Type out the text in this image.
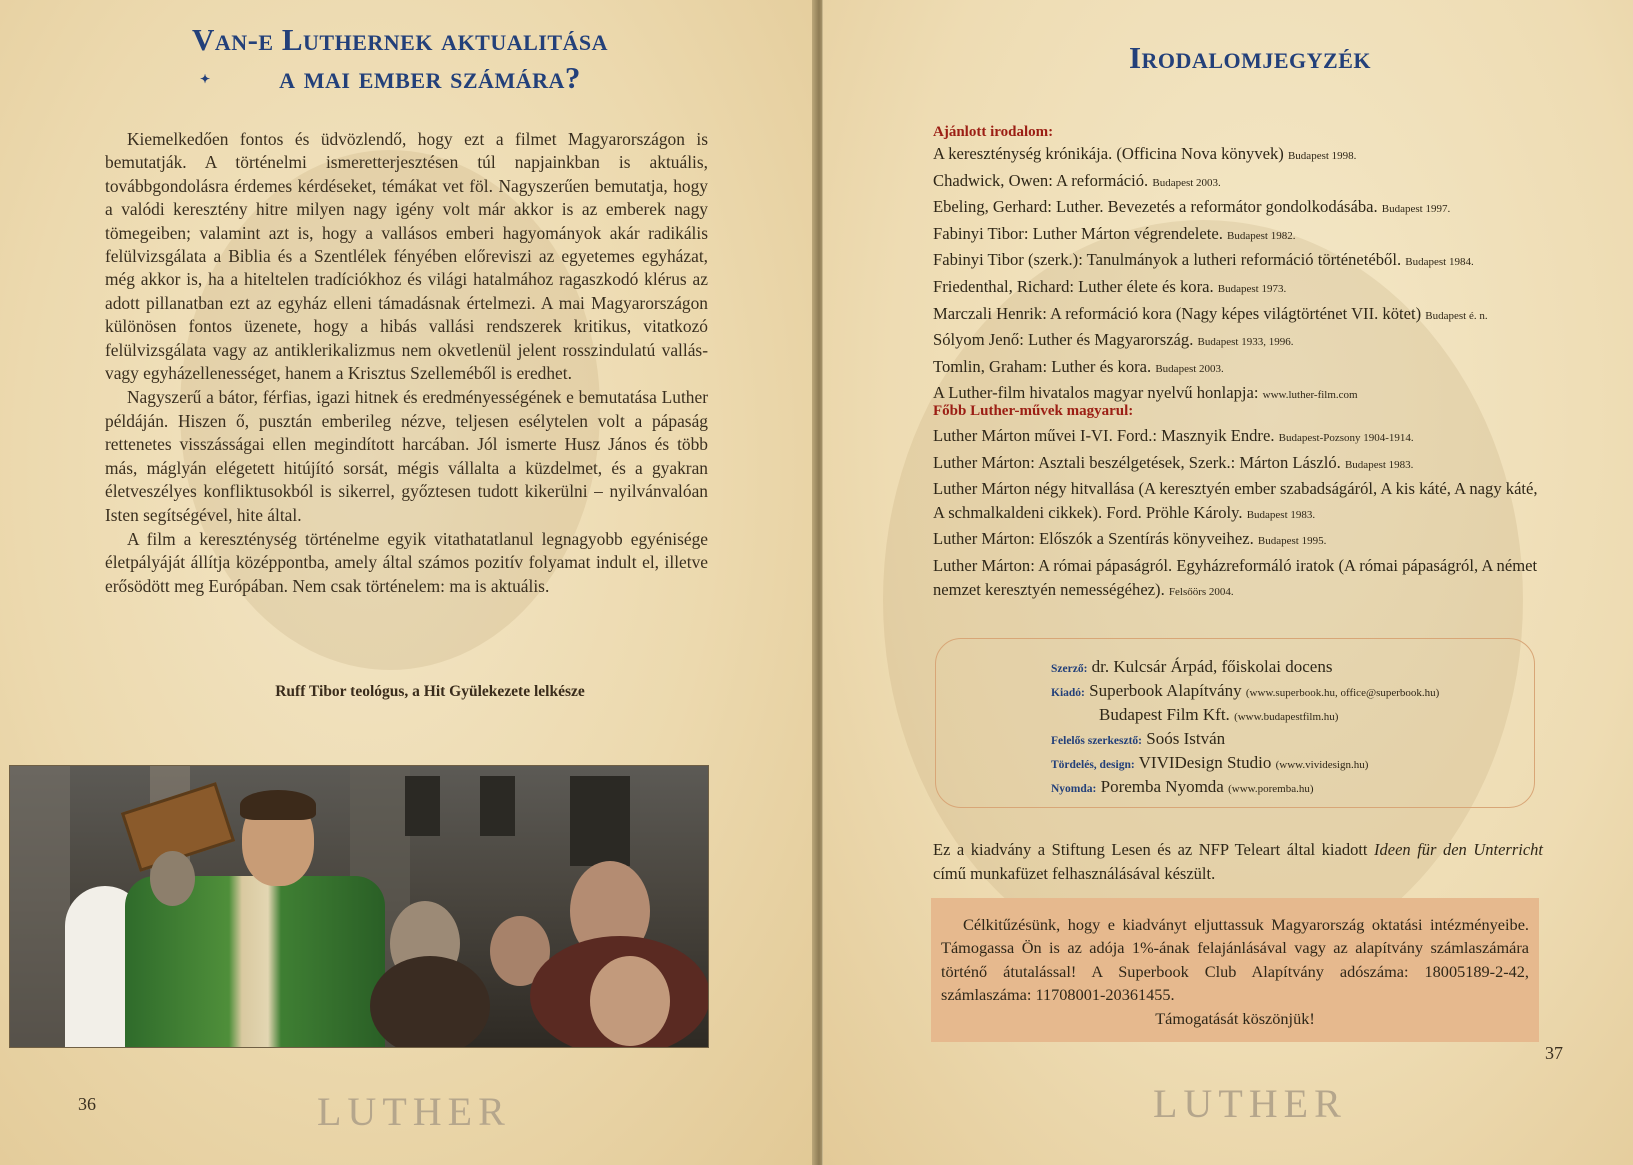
Van-e Luthernek aktualitása
✦ a mai ember számára?

Kiemelkedően fontos és üdvözlendő, hogy ezt a filmet Magyarországon is bemutatják. A történelmi ismeretterjesztésen túl napjainkban is aktuális, továbbgondolásra érdemes kérdéseket, témákat vet föl. Nagyszerűen bemutatja, hogy a valódi keresztény hitre milyen nagy igény volt már akkor is az emberek nagy tömegeiben; valamint azt is, hogy a vallásos emberi hagyományok akár radikális felülvizsgálata a Biblia és a Szentlélek fényében előreviszi az egyetemes egyházat, még akkor is, ha a hiteltelen tradíciókhoz és világi hatalmához ragaszkodó klérus az adott pillanatban ezt az egyház elleni támadásnak értelmezi. A mai Magyarországon különösen fontos üzenete, hogy a hibás vallási rendszerek kritikus, vitatkozó felülvizsgálata vagy az antiklerikalizmus nem okvetlenül jelent rosszindulatú vallás- vagy egyházellenességet, hanem a Krisztus Szelleméből is eredhet.

Nagyszerű a bátor, férfias, igazi hitnek és eredményességének e bemutatása Luther példáján. Hiszen ő, pusztán emberileg nézve, teljesen esélytelen volt a pápaság rettenetes visszásságai ellen megindított harcában. Jól ismerte Husz János és több más, máglyán elégetett hitújító sorsát, mégis vállalta a küzdelmet, és a gyakran életveszélyes konfliktusokból is sikerrel, győztesen tudott kikerülni – nyilvánvalóan Isten segítségével, hite által.

A film a kereszténység történelme egyik vitathatatlanul legnagyobb egyénisége életpályáját állítja középpontba, amely által számos pozitív folyamat indult el, illetve erősödött meg Európában. Nem csak történelem: ma is aktuális.

Ruff Tibor teológus, a Hit Gyülekezete lelkésze
36	LUTHER
Irodalomjegyzék
Ajánlott irodalom:
A kereszténység krónikája. (Officina Nova könyvek) Budapest 1998.
Chadwick, Owen: A reformáció. Budapest 2003.
Ebeling, Gerhard: Luther. Bevezetés a reformátor gondolkodásába. Budapest 1997.
Fabinyi Tibor: Luther Márton végrendelete. Budapest 1982.
Fabinyi Tibor (szerk.): Tanulmányok a lutheri reformáció történetéből. Budapest 1984.
Friedenthal, Richard: Luther élete és kora. Budapest 1973.
Marczali Henrik: A reformáció kora (Nagy képes világtörténet VII. kötet) Budapest é. n.
Sólyom Jenő: Luther és Magyarország. Budapest 1933, 1996.
Tomlin, Graham: Luther és kora. Budapest 2003.
A Luther-film hivatalos magyar nyelvű honlapja: www.luther-film.com
Főbb Luther-művek magyarul:
Luther Márton művei I-VI. Ford.: Masznyik Endre. Budapest-Pozsony 1904-1914.
Luther Márton: Asztali beszélgetések, Szerk.: Márton László. Budapest 1983.
Luther Márton négy hitvallása (A keresztyén ember szabadságáról, A kis káté, A nagy káté, A schmalkaldeni cikkek). Ford. Pröhle Károly. Budapest 1983.
Luther Márton: Előszók a Szentírás könyveihez. Budapest 1995.
Luther Márton: A római pápaságról. Egyházreformáló iratok (A római pápaságról, A német nemzet keresztyén nemességéhez). Felsőörs 2004.
Szerző: dr. Kulcsár Árpád, főiskolai docens
Kiadó: Superbook Alapítvány (www.superbook.hu, office@superbook.hu)
Budapest Film Kft. (www.budapestfilm.hu)
Felelős szerkesztő: Soós István
Tördelés, design: VIVIDesign Studio (www.vividesign.hu)
Nyomda: Poremba Nyomda (www.poremba.hu)
Ez a kiadvány a Stiftung Lesen és az NFP Teleart által kiadott Ideen für den Unterricht című munkafüzet felhasználásával készült.
Célkitűzésünk, hogy e kiadványt eljuttassuk Magyarország oktatási intézményeibe. Támogassa Ön is az adója 1%-ának felajánlásával vagy az alapítvány számlaszámára történő átutalással! A Superbook Club Alapítvány adószáma: 18005189-2-42, számlaszáma: 11708001-20361455.
Támogatását köszönjük!
37
LUTHER
